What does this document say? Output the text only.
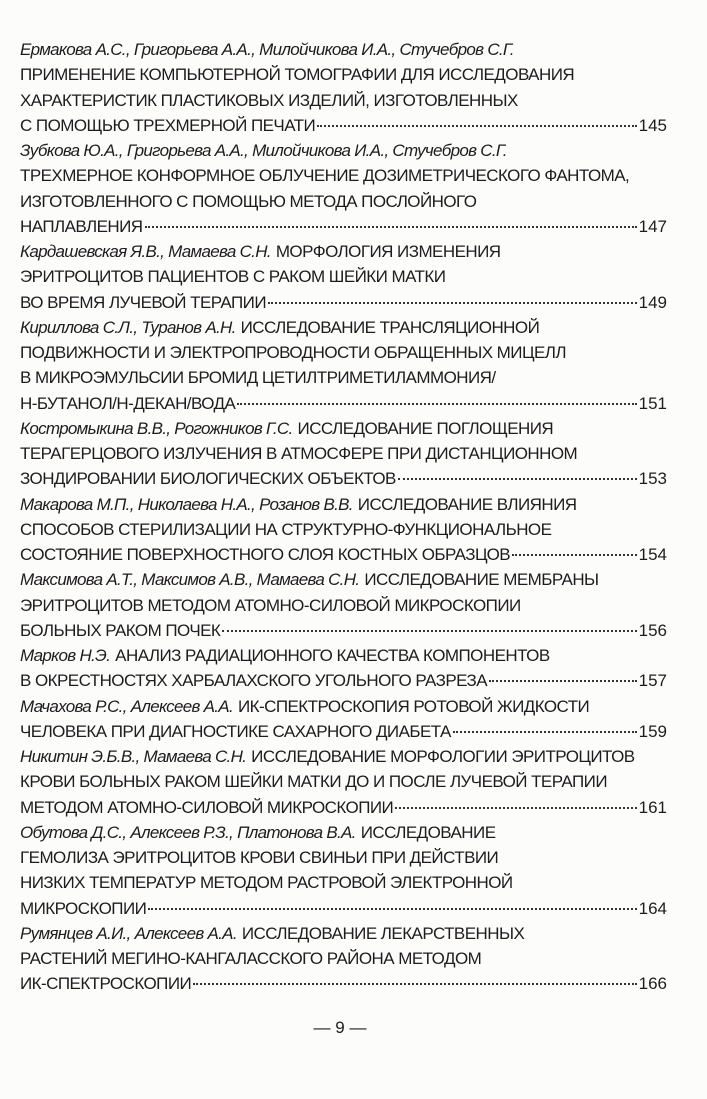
Ермакова А.С., Григорьева А.А., Милойчикова И.А., Стучебров С.Г.
ПРИМЕНЕНИЕ КОМПЬЮТЕРНОЙ ТОМОГРАФИИ ДЛЯ ИССЛЕДОВАНИЯ
ХАРАКТЕРИСТИК ПЛАСТИКОВЫХ ИЗДЕЛИЙ, ИЗГОТОВЛЕННЫХ
С ПОМОЩЬЮ ТРЕХМЕРНОЙ ПЕЧАТИ	145
Зубкова Ю.А., Григорьева А.А., Милойчикова И.А., Стучебров С.Г.
ТРЕХМЕРНОЕ КОНФОРМНОЕ ОБЛУЧЕНИЕ ДОЗИМЕТРИЧЕСКОГО ФАНТОМА,
ИЗГОТОВЛЕННОГО С ПОМОЩЬЮ МЕТОДА ПОСЛОЙНОГО
НАПЛАВЛЕНИЯ	147
Кардашевская Я.В., Мамаева С.Н. МОРФОЛОГИЯ ИЗМЕНЕНИЯ
ЭРИТРОЦИТОВ ПАЦИЕНТОВ С РАКОМ ШЕЙКИ МАТКИ
ВО ВРЕМЯ ЛУЧЕВОЙ ТЕРАПИИ	149
Кириллова С.Л., Туранов А.Н. ИССЛЕДОВАНИЕ ТРАНСЛЯЦИОННОЙ
ПОДВИЖНОСТИ И ЭЛЕКТРОПРОВОДНОСТИ ОБРАЩЕННЫХ МИЦЕЛЛ
В МИКРОЭМУЛЬСИИ БРОМИД ЦЕТИЛТРИМЕТИЛАММОНИЯ/
Н-БУТАНОЛ/Н-ДЕКАН/ВОДА	151
Костромыкина В.В., Рогожников Г.С. ИССЛЕДОВАНИЕ ПОГЛОЩЕНИЯ
ТЕРАГЕРЦОВОГО ИЗЛУЧЕНИЯ В АТМОСФЕРЕ ПРИ ДИСТАНЦИОННОМ
ЗОНДИРОВАНИИ БИОЛОГИЧЕСКИХ ОБЪЕКТОВ	153
Макарова М.П., Николаева Н.А., Розанов В.В. ИССЛЕДОВАНИЕ ВЛИЯНИЯ
СПОСОБОВ СТЕРИЛИЗАЦИИ НА СТРУКТУРНО-ФУНКЦИОНАЛЬНОЕ
СОСТОЯНИЕ ПОВЕРХНОСТНОГО СЛОЯ КОСТНЫХ ОБРАЗЦОВ	154
Максимова А.Т., Максимов А.В., Мамаева С.Н. ИССЛЕДОВАНИЕ МЕМБРАНЫ
ЭРИТРОЦИТОВ МЕТОДОМ АТОМНО-СИЛОВОЙ МИКРОСКОПИИ
БОЛЬНЫХ РАКОМ ПОЧЕК	156
Марков Н.Э. АНАЛИЗ РАДИАЦИОННОГО КАЧЕСТВА КОМПОНЕНТОВ
В ОКРЕСТНОСТЯХ ХАРБАЛАХСКОГО УГОЛЬНОГО РАЗРЕЗА	157
Мачахова Р.С., Алексеев А.А. ИК-СПЕКТРОСКОПИЯ РОТОВОЙ ЖИДКОСТИ
ЧЕЛОВЕКА ПРИ ДИАГНОСТИКЕ САХАРНОГО ДИАБЕТА	159
Никитин Э.Б.В., Мамаева С.Н. ИССЛЕДОВАНИЕ МОРФОЛОГИИ ЭРИТРОЦИТОВ
КРОВИ БОЛЬНЫХ РАКОМ ШЕЙКИ МАТКИ ДО И ПОСЛЕ ЛУЧЕВОЙ ТЕРАПИИ
МЕТОДОМ АТОМНО-СИЛОВОЙ МИКРОСКОПИИ	161
Обутова Д.С., Алексеев Р.З., Платонова В.А. ИССЛЕДОВАНИЕ
ГЕМОЛИЗА ЭРИТРОЦИТОВ КРОВИ СВИНЬИ ПРИ ДЕЙСТВИИ
НИЗКИХ ТЕМПЕРАТУР МЕТОДОМ РАСТРОВОЙ ЭЛЕКТРОННОЙ
МИКРОСКОПИИ	164
Румянцев А.И., Алексеев А.А. ИССЛЕДОВАНИЕ ЛЕКАРСТВЕННЫХ
РАСТЕНИЙ МЕГИНО-КАНГАЛАССКОГО РАЙОНА МЕТОДОМ
ИК-СПЕКТРОСКОПИИ	166
— 9 —
